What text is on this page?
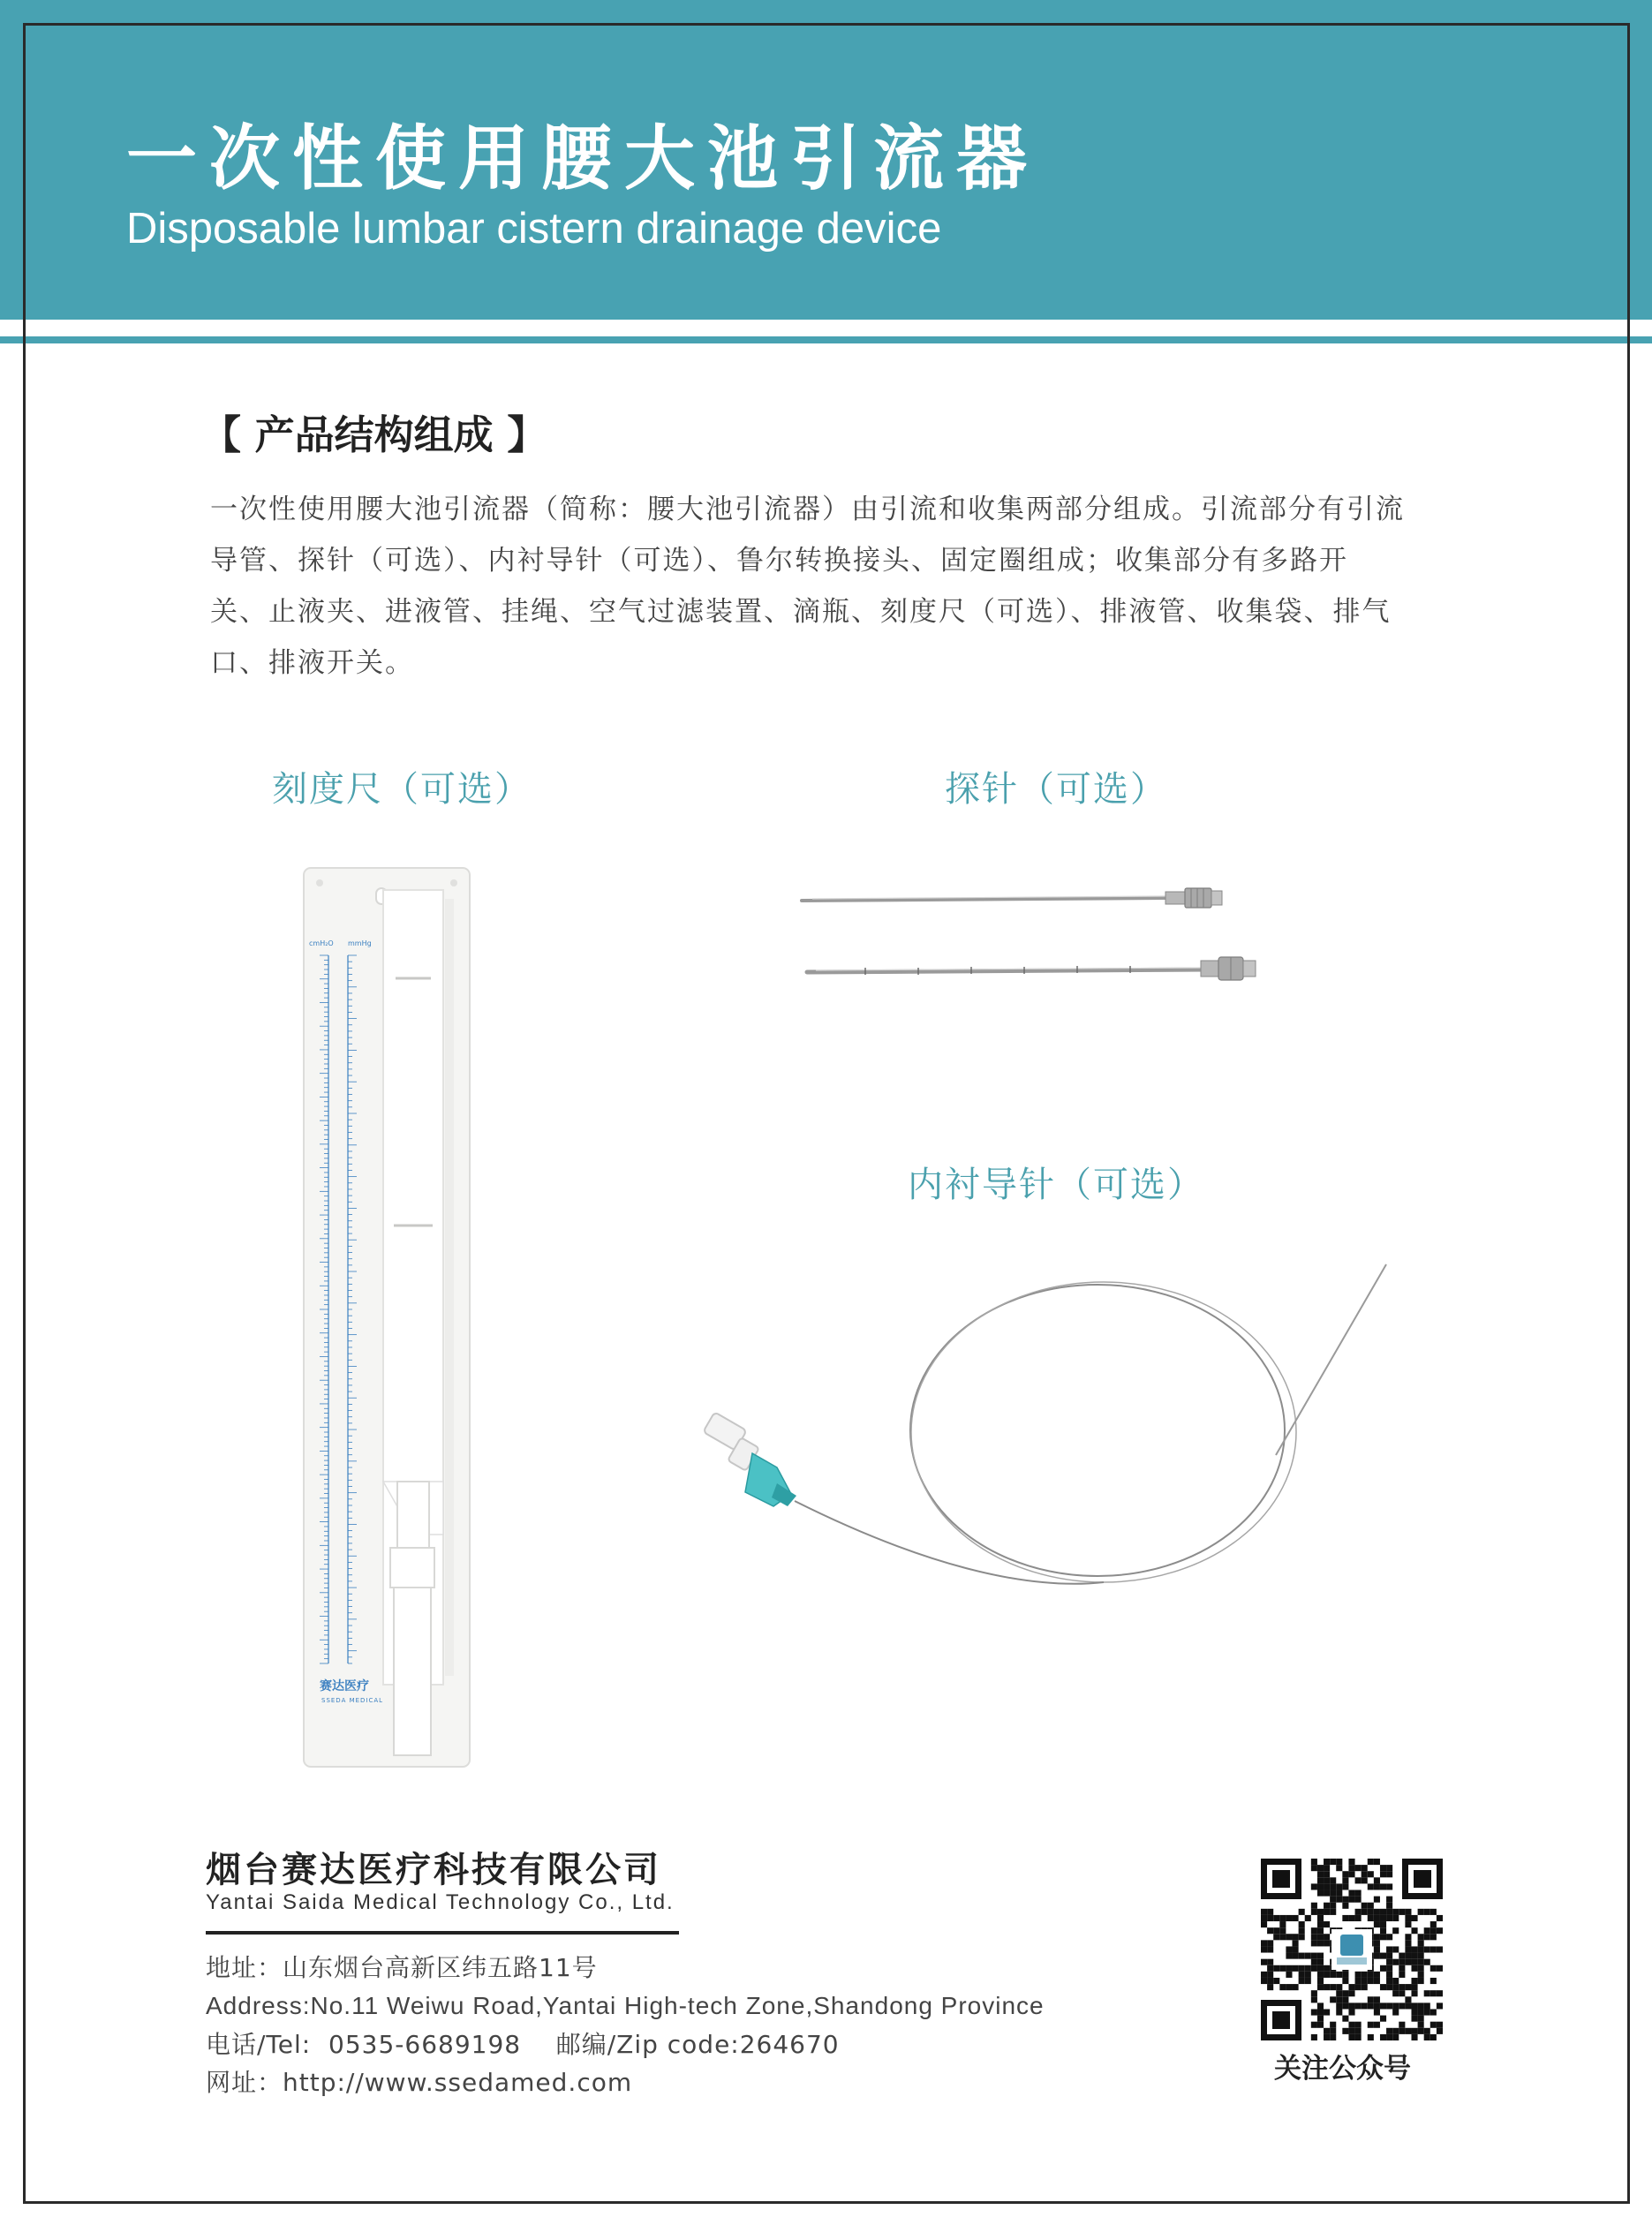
一次性使用腰大池引流器
Disposable lumbar cistern drainage device
【 产品结构组成 】
一次性使用腰大池引流器（简称：腰大池引流器）由引流和收集两部分组成。引流部分有引流
导管、探针（可选）、内衬导针（可选）、鲁尔转换接头、固定圈组成；收集部分有多路开
关、止液夹、进液管、挂绳、空气过滤装置、滴瓶、刻度尺（可选）、排液管、收集袋、排气
口、排液开关。
刻度尺（可选）	探针（可选）
内衬导针（可选）
cmH₂O mmHg
赛达医疗
SSEDA MEDICAL
烟台赛达医疗科技有限公司
Yantai Saida Medical Technology Co., Ltd.
地址：山东烟台高新区纬五路11号
Address:No.11 Weiwu Road,Yantai High-tech Zone,Shandong Province
电话/Tel:  0535-6689198 邮编/Zip code:264670
网址：http://www.ssedamed.com	关注公众号
